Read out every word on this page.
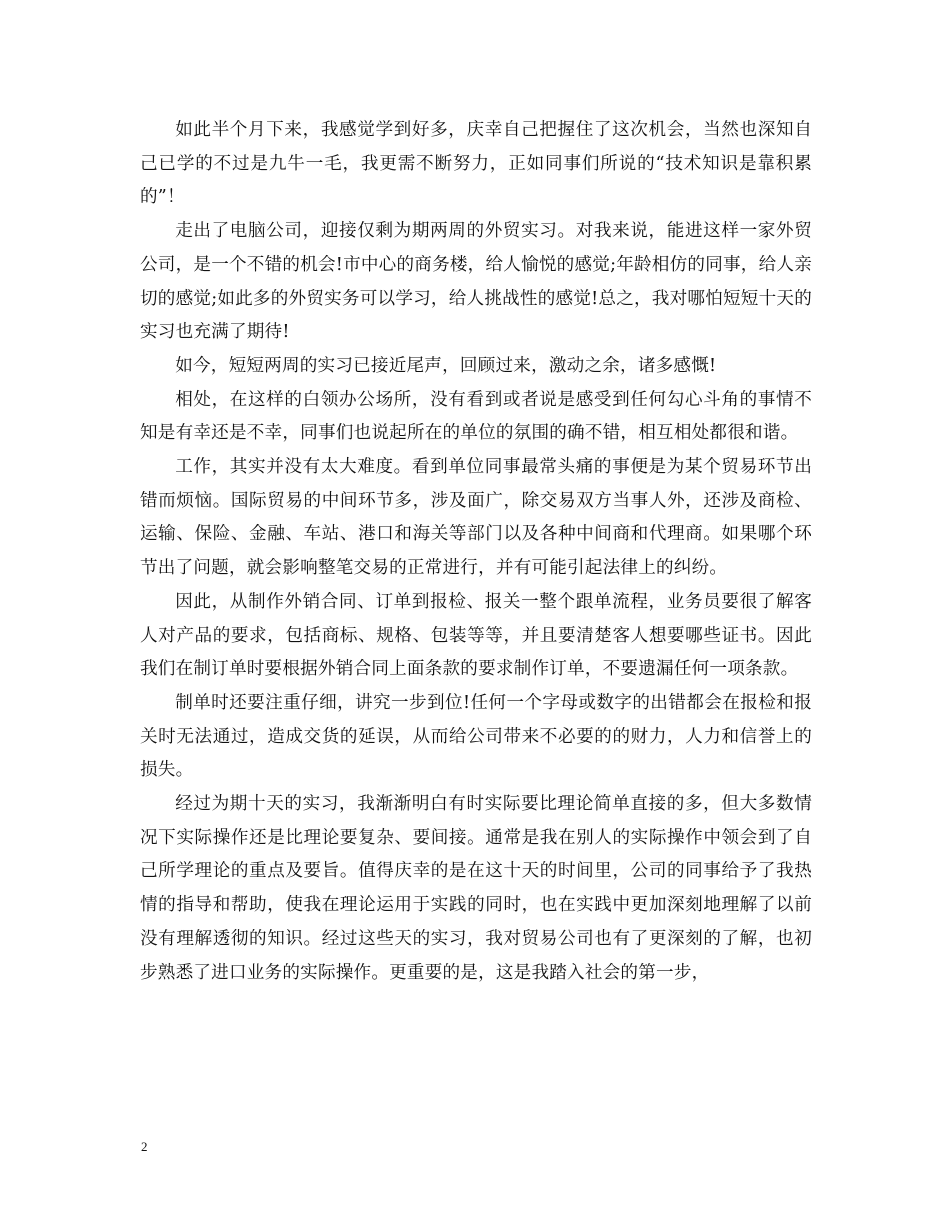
如此半个月下来，我感觉学到好多，庆幸自己把握住了这次机会，当然也深知自己已学的不过是九牛一毛，我更需不断努力，正如同事们所说的“技术知识是靠积累的”！

走出了电脑公司，迎接仅剩为期两周的外贸实习。对我来说，能进这样一家外贸公司，是一个不错的机会!市中心的商务楼，给人愉悦的感觉;年龄相仿的同事，给人亲切的感觉;如此多的外贸实务可以学习，给人挑战性的感觉!总之，我对哪怕短短十天的实习也充满了期待!

如今，短短两周的实习已接近尾声，回顾过来，激动之余，诸多感慨!

相处，在这样的白领办公场所，没有看到或者说是感受到任何勾心斗角的事情不知是有幸还是不幸，同事们也说起所在的单位的氛围的确不错，相互相处都很和谐。

工作，其实并没有太大难度。看到单位同事最常头痛的事便是为某个贸易环节出错而烦恼。国际贸易的中间环节多，涉及面广，除交易双方当事人外，还涉及商检、运输、保险、金融、车站、港口和海关等部门以及各种中间商和代理商。如果哪个环节出了问题，就会影响整笔交易的正常进行，并有可能引起法律上的纠纷。

因此，从制作外销合同、订单到报检、报关一整个跟单流程，业务员要很了解客人对产品的要求，包括商标、规格、包装等等，并且要清楚客人想要哪些证书。因此我们在制订单时要根据外销合同上面条款的要求制作订单，不要遗漏任何一项条款。

制单时还要注重仔细，讲究一步到位!任何一个字母或数字的出错都会在报检和报关时无法通过，造成交货的延误，从而给公司带来不必要的的财力，人力和信誉上的损失。

经过为期十天的实习，我渐渐明白有时实际要比理论简单直接的多，但大多数情况下实际操作还是比理论要复杂、要间接。通常是我在别人的实际操作中领会到了自己所学理论的重点及要旨。值得庆幸的是在这十天的时间里，公司的同事给予了我热情的指导和帮助，使我在理论运用于实践的同时，也在实践中更加深刻地理解了以前没有理解透彻的知识。经过这些天的实习，我对贸易公司也有了更深刻的了解，也初步熟悉了进口业务的实际操作。更重要的是，这是我踏入社会的第一步，

2
